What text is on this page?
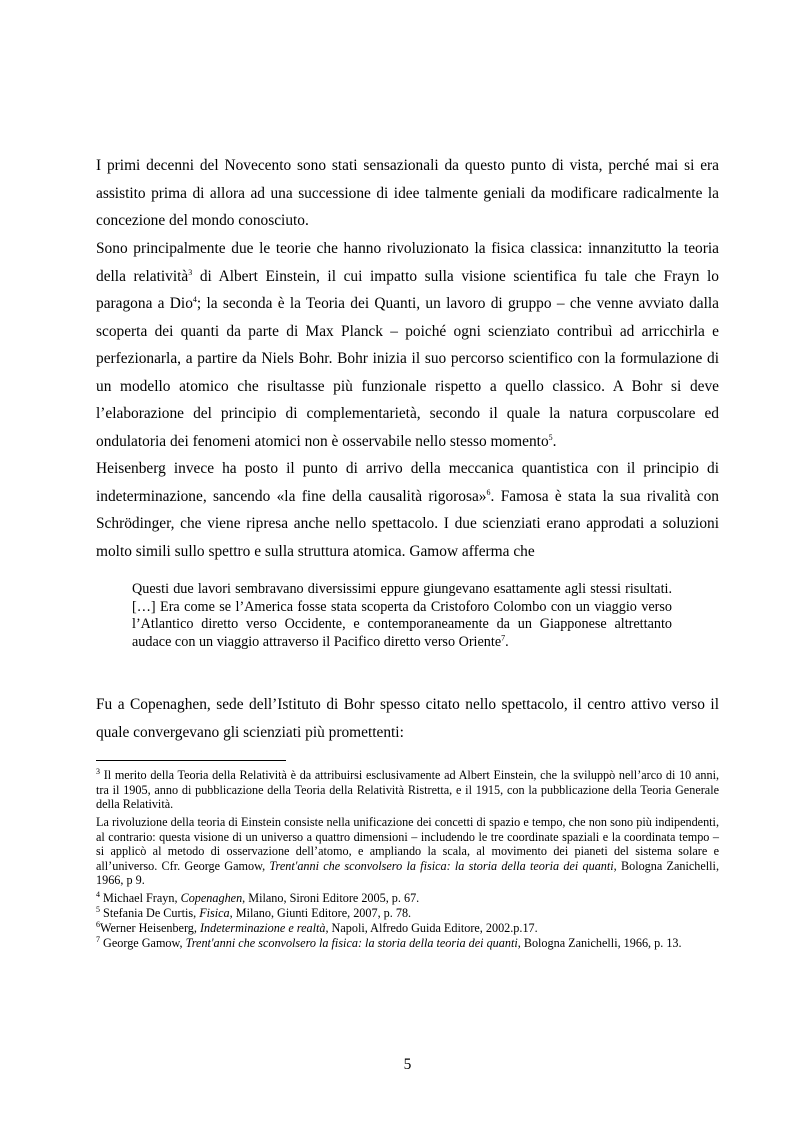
I primi decenni del Novecento sono stati sensazionali da questo punto di vista, perché mai si era assistito prima di allora ad una successione di idee talmente geniali da modificare radicalmente la concezione del mondo conosciuto.

Sono principalmente due le teorie che hanno rivoluzionato la fisica classica: innanzitutto la teoria della relatività$^3$ di Albert Einstein, il cui impatto sulla visione scientifica fu tale che Frayn lo paragona a Dio$^4$; la seconda è la Teoria dei Quanti, un lavoro di gruppo – che venne avviato dalla scoperta dei quanti da parte di Max Planck – poiché ogni scienziato contribuì ad arricchirla e perfezionarla, a partire da Niels Bohr. Bohr inizia il suo percorso scientifico con la formulazione di un modello atomico che risultasse più funzionale rispetto a quello classico. A Bohr si deve l’elaborazione del principio di complementarietà, secondo il quale la natura corpuscolare ed ondulatoria dei fenomeni atomici non è osservabile nello stesso momento$^5$.

Heisenberg invece ha posto il punto di arrivo della meccanica quantistica con il principio di indeterminazione, sancendo «la fine della causalità rigorosa»$^6$. Famosa è stata la sua rivalità con Schrödinger, che viene ripresa anche nello spettacolo. I due scienziati erano approdati a soluzioni molto simili sullo spettro e sulla struttura atomica. Gamow afferma che

Questi due lavori sembravano diversissimi eppure giungevano esattamente agli stessi risultati. […] Era come se l’America fosse stata scoperta da Cristoforo Colombo con un viaggio verso l’Atlantico diretto verso Occidente, e contemporaneamente da un Giapponese altrettanto audace con un viaggio attraverso il Pacifico diretto verso Oriente$^7$.

Fu a Copenaghen, sede dell’Istituto di Bohr spesso citato nello spettacolo, il centro attivo verso il quale convergevano gli scienziati più promettenti:

$^3$ Il merito della Teoria della Relatività è da attribuirsi esclusivamente ad Albert Einstein, che la sviluppò nell’arco di 10 anni, tra il 1905, anno di pubblicazione della Teoria della Relatività Ristretta, e il 1915, con la pubblicazione della Teoria Generale della Relatività.

La rivoluzione della teoria di Einstein consiste nella unificazione dei concetti di spazio e tempo, che non sono più indipendenti, al contrario: questa visione di un universo a quattro dimensioni – includendo le tre coordinate spaziali e la coordinata tempo – si applicò al metodo di osservazione dell’atomo, e ampliando la scala, al movimento dei pianeti del sistema solare e all’universo. Cfr. George Gamow, Trent'anni che sconvolsero la fisica: la storia della teoria dei quanti, Bologna Zanichelli, 1966, p 9.

$^4$ Michael Frayn, Copenaghen, Milano, Sironi Editore 2005, p. 67.

$^5$ Stefania De Curtis, Fisica, Milano, Giunti Editore, 2007, p. 78.

$^6$Werner Heisenberg, Indeterminazione e realtà, Napoli, Alfredo Guida Editore, 2002.p.17.

$^7$ George Gamow, Trent'anni che sconvolsero la fisica: la storia della teoria dei quanti, Bologna Zanichelli, 1966, p. 13.

5
